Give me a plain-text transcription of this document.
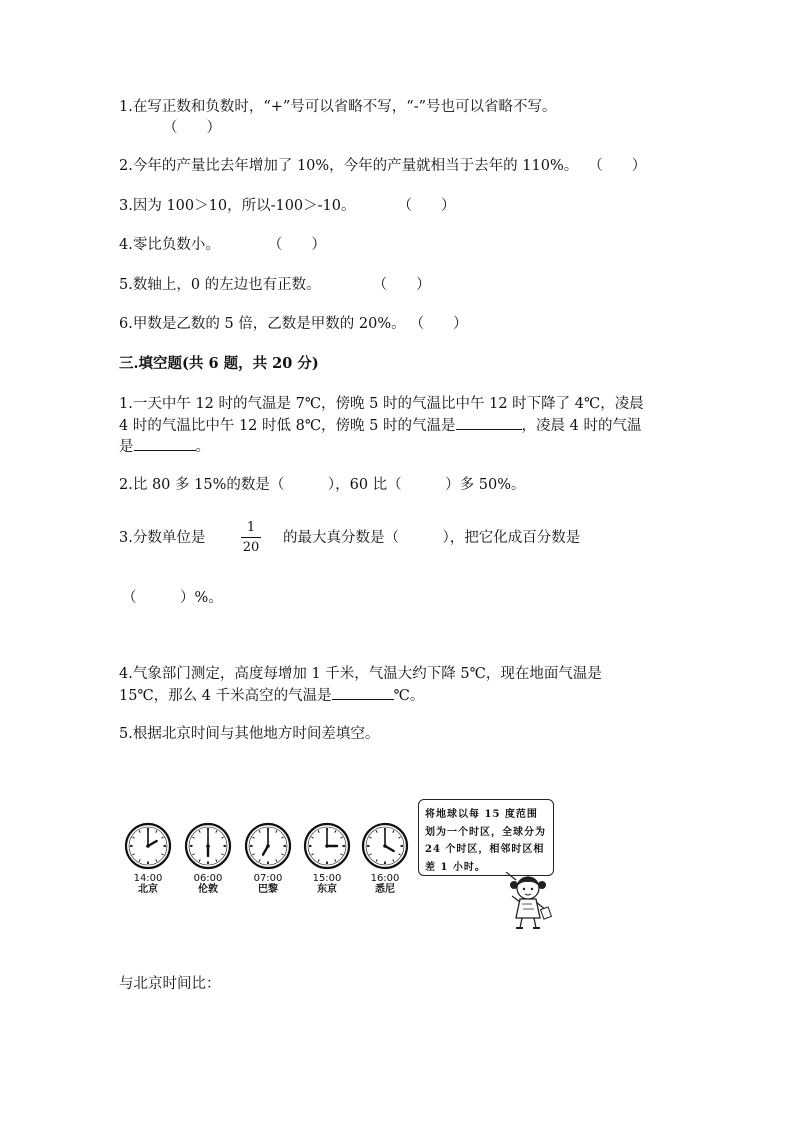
1.在写正数和负数时，“+”号可以省略不写，“-”号也可以省略不写。
（　　）
2.今年的产量比去年增加了 10%，今年的产量就相当于去年的 110%。 （　　）
3.因为 100＞10，所以-100＞-10。	（　　）
4.零比负数小。	（　　）
5.数轴上，0 的左边也有正数。	（　　）
6.甲数是乙数的 5 倍，乙数是甲数的 20%。 （　　）
三.填空题(共 6 题，共 20 分)
1.一天中午 12 时的气温是 7℃，傍晚 5 时的气温比中午 12 时下降了 4℃，凌晨
4 时的气温比中午 12 时低 8℃，傍晚 5 时的气温是	，凌晨 4 时的气温
是	。
2.比 80 多 15%的数是（　　　），60 比（　　　）多 50%。
3.分数单位是
1
20
的最大真分数是（　　　），把它化成百分数是
（　　　）%。
4.气象部门测定，高度每增加 1 千米，气温大约下降 5℃，现在地面气温是
15℃，那么 4 千米高空的气温是	℃。
5.根据北京时间与其他地方时间差填空。
14:00
北京
06:00
伦敦
07:00
巴黎
15:00
东京
16:00
悉尼
将地球以每 15 度范围划为一个时区，全球分为 24 个时区，相邻时区相差 1 小时。
与北京时间比：
